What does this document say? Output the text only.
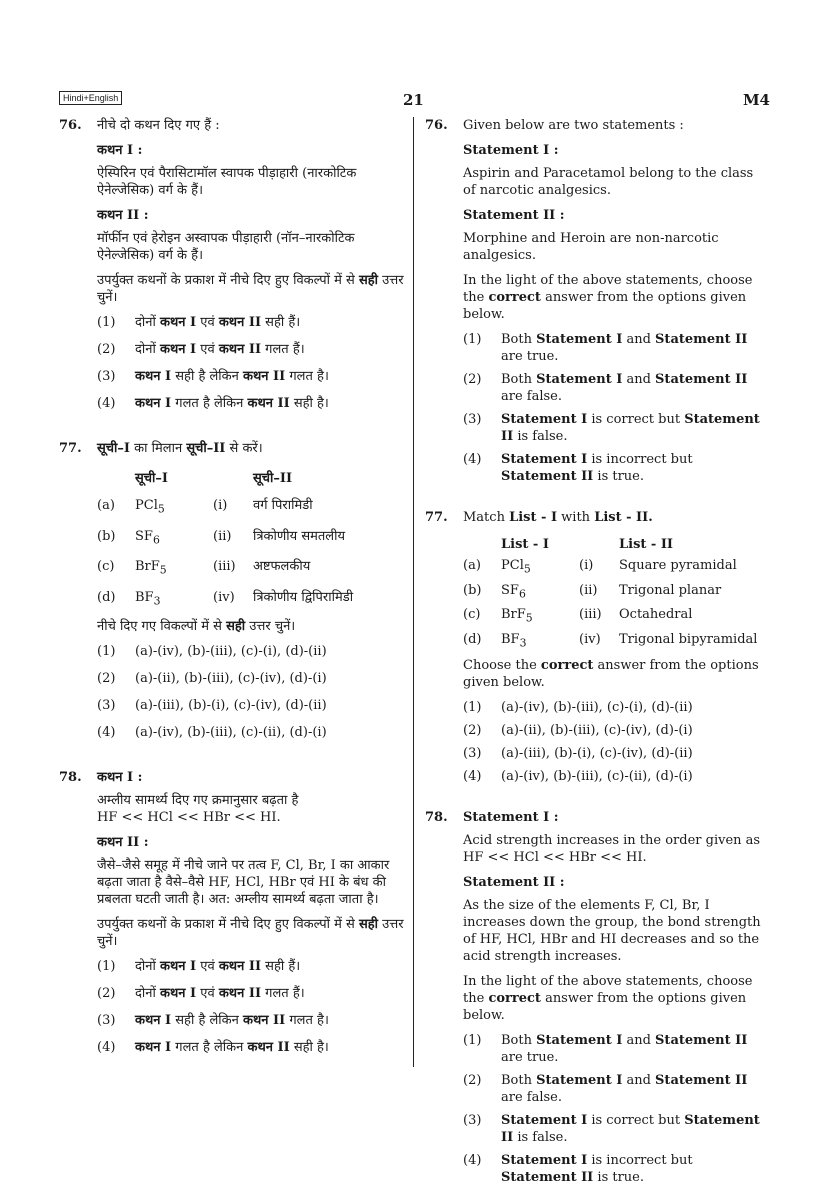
Hindi+English	21	M4
76. नीचे दो कथन दिए गए हैं :

कथन I :

ऐस्पिरिन एवं पैरासिटामॉल स्वापक पीड़ाहारी (नारकोटिक ऐनेल्जेसिक) वर्ग के हैं।

कथन II :

मॉर्फीन एवं हेरोइन अस्वापक पीड़ाहारी (नॉन–नारकोटिक ऐनेल्जेसिक) वर्ग के हैं।

उपर्युक्त कथनों के प्रकाश में नीचे दिए हुए विकल्पों में से सही उत्तर चुनें।

(1) दोनों कथन I एवं कथन II सही हैं।
(2) दोनों कथन I एवं कथन II गलत हैं।
(3) कथन I सही है लेकिन कथन II गलत है।
(4) कथन I गलत है लेकिन कथन II सही है।
77. सूची–I का मिलान सूची–II से करें।

	सूची–I		सूची–II
(a)	PCl$_5$	(i)	वर्ग पिरामिडी
(b)	$SF_6$	(ii)	त्रिकोणीय समतलीय
(c)	BrF$_5$	(iii)	अष्टफलकीय
(d)	$BF_3$	(iv)	त्रिकोणीय द्विपिरामिडी

नीचे दिए गए विकल्पों में से सही उत्तर चुनें।

(1) (a)-(iv), (b)-(iii), (c)-(i), (d)-(ii)
(2) (a)-(ii), (b)-(iii), (c)-(iv), (d)-(i)
(3) (a)-(iii), (b)-(i), (c)-(iv), (d)-(ii)
(4) (a)-(iv), (b)-(iii), (c)-(ii), (d)-(i)
78. कथन I :

अम्लीय सामर्थ्य दिए गए क्रमानुसार बढ़ता है
HF << HCl << HBr << HI.

कथन II :

जैसे–जैसे समूह में नीचे जाने पर तत्व F, Cl, Br, I का आकार बढ़ता जाता है वैसे–वैसे HF, HCl, HBr एवं HI के बंध की प्रबलता घटती जाती है। अत: अम्लीय सामर्थ्य बढ़ता जाता है।

उपर्युक्त कथनों के प्रकाश में नीचे दिए हुए विकल्पों में से सही उत्तर चुनें।

(1) दोनों कथन I एवं कथन II सही हैं।
(2) दोनों कथन I एवं कथन II गलत हैं।
(3) कथन I सही है लेकिन कथन II गलत है।
(4) कथन I गलत है लेकिन कथन II सही है।
76. Given below are two statements :

Statement I :

Aspirin and Paracetamol belong to the class of narcotic analgesics.

Statement II :

Morphine and Heroin are non-narcotic analgesics.

In the light of the above statements, choose the correct answer from the options given below.

(1) Both Statement I and Statement II are true.
(2) Both Statement I and Statement II are false.
(3) Statement I is correct but Statement II is false.
(4) Statement I is incorrect but Statement II is true.
77. Match List - I with List - II.

	List - I		List - II
(a)	PCl$_5$	(i)	Square pyramidal
(b)	$SF_6$	(ii)	Trigonal planar
(c)	BrF$_5$	(iii)	Octahedral
(d)	$BF_3$	(iv)	Trigonal bipyramidal

Choose the correct answer from the options given below.

(1) (a)-(iv), (b)-(iii), (c)-(i), (d)-(ii)
(2) (a)-(ii), (b)-(iii), (c)-(iv), (d)-(i)
(3) (a)-(iii), (b)-(i), (c)-(iv), (d)-(ii)
(4) (a)-(iv), (b)-(iii), (c)-(ii), (d)-(i)
78. Statement I :

Acid strength increases in the order given as HF << HCl << HBr << HI.

Statement II :

As the size of the elements F, Cl, Br, I increases down the group, the bond strength of HF, HCl, HBr and HI decreases and so the acid strength increases.

In the light of the above statements, choose the correct answer from the options given below.

(1) Both Statement I and Statement II are true.
(2) Both Statement I and Statement II are false.
(3) Statement I is correct but Statement II is false.
(4) Statement I is incorrect but Statement II is true.
